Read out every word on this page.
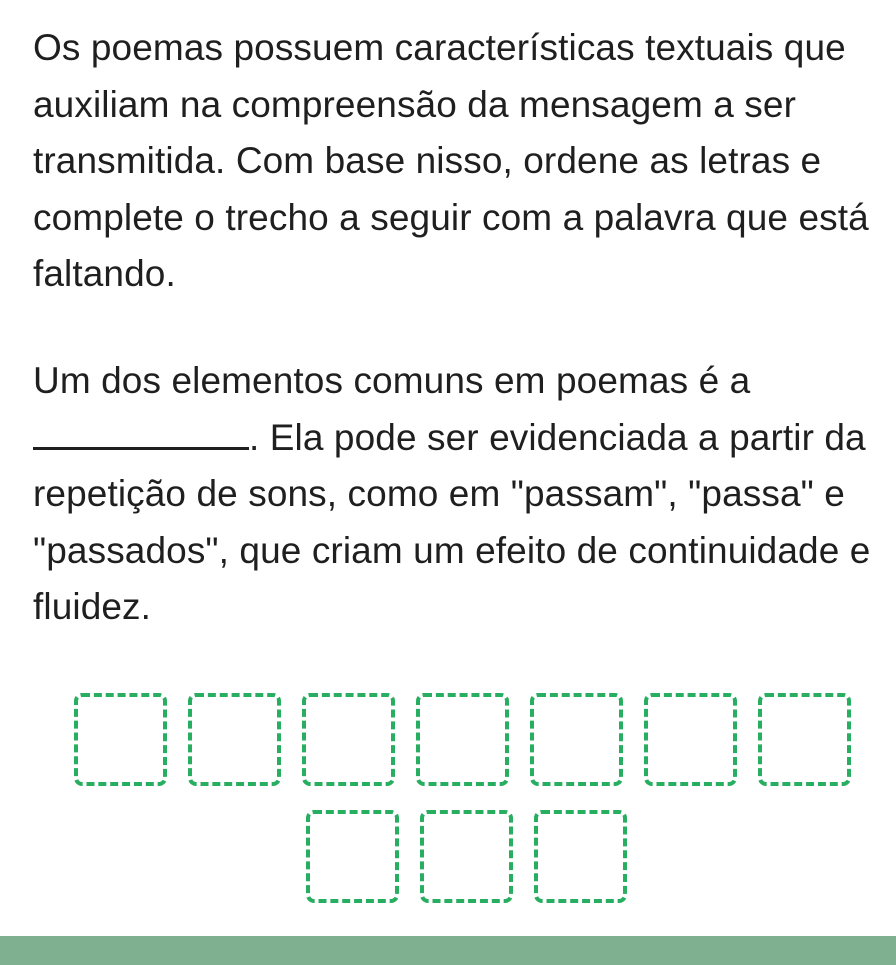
Os poemas possuem características textuais que auxiliam na compreensão da mensagem a ser transmitida. Com base nisso, ordene as letras e complete o trecho a seguir com a palavra que está faltando.

Um dos elementos comuns em poemas é a
. Ela pode ser evidenciada a partir da repetição de sons, como em "passam", "passa" e "passados", que criam um efeito de continuidade e fluidez.
